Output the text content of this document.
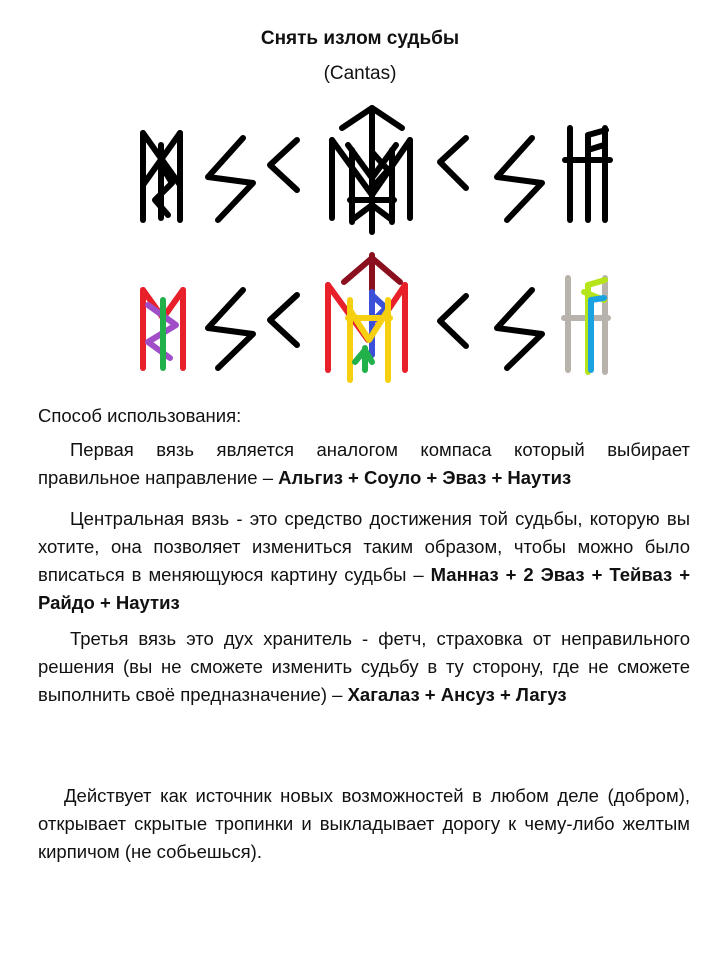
Снять излом судьбы
(Cantas)
Способ использования:

Первая вязь является аналогом компаса который выбирает правильное направление – Альгиз + Соуло + Эваз + Наутиз

Центральная вязь - это средство достижения той судьбы, которую вы хотите, она позволяет измениться таким образом, чтобы можно было вписаться в меняющуюся картину судьбы – Манназ + 2 Эваз + Тейваз + Райдо + Наутиз

Третья вязь это дух хранитель - фетч, страховка от неправильного решения (вы не сможете изменить судьбу в ту сторону, где не сможете выполнить своё предназначение) – Хагалаз + Ансуз + Лагуз

Действует как источник новых возможностей в любом деле (добром), открывает скрытые тропинки и выкладывает дорогу к чему-либо желтым кирпичом (не собьешься).
